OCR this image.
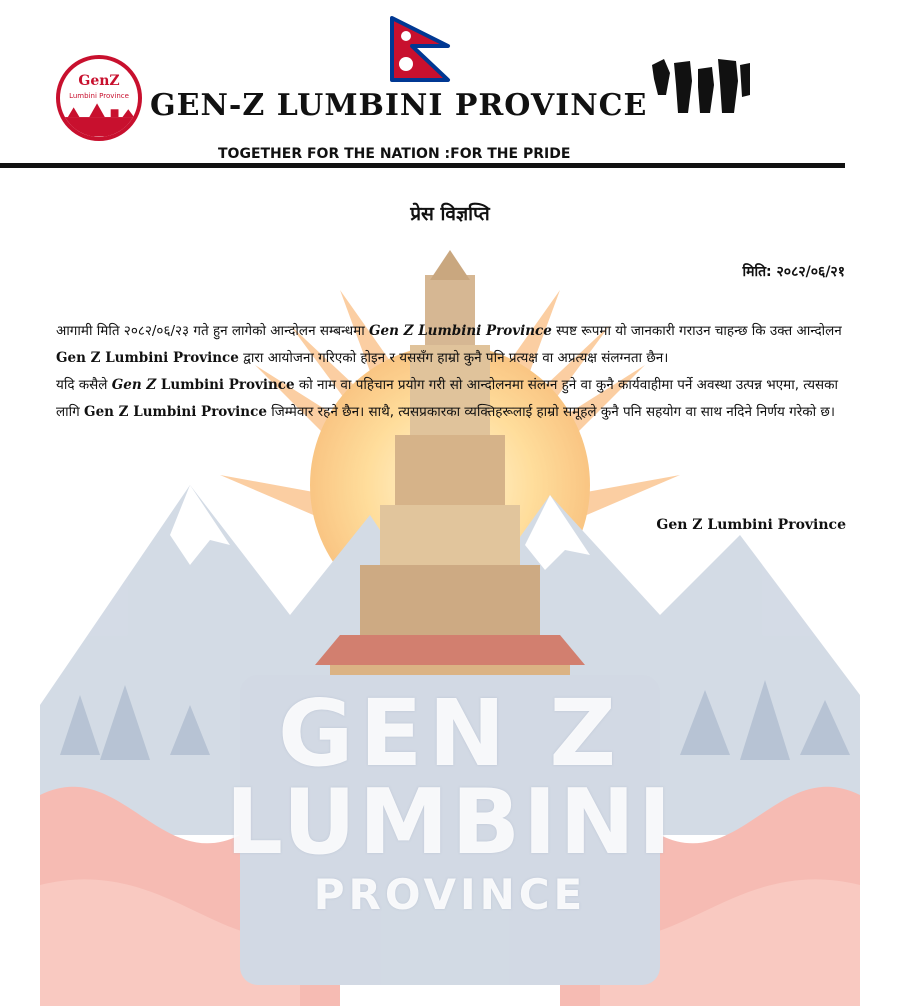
GEN Z
LUMBINI
PROVINCE
GenZ
Lumbini Province GEN-Z LUMBINI PROVINCE
TOGETHER FOR THE NATION :FOR THE PRIDE
प्रेस विज्ञप्ति
मिति: २०८२/०६/२१

आगामी मिति २०८२/०६/२३ गते हुन लागेको आन्दोलन सम्बन्धमा Gen Z Lumbini Province स्पष्ट रूपमा यो जानकारी गराउन चाहन्छ कि उक्त आन्दोलन Gen Z Lumbini Province द्वारा आयोजना गरिएको होइन र यससँग हाम्रो कुनै पनि प्रत्यक्ष वा अप्रत्यक्ष संलग्नता छैन।

यदि कसैले Gen Z Lumbini Province को नाम वा पहिचान प्रयोग गरी सो आन्दोलनमा संलग्न हुने वा कुनै कार्यवाहीमा पर्ने अवस्था उत्पन्न भएमा, त्यसका लागि Gen Z Lumbini Province जिम्मेवार रहने छैन। साथै, त्यसप्रकारका व्यक्तिहरूलाई हाम्रो समूहले कुनै पनि सहयोग वा साथ नदिने निर्णय गरेको छ।

Gen Z Lumbini Province
